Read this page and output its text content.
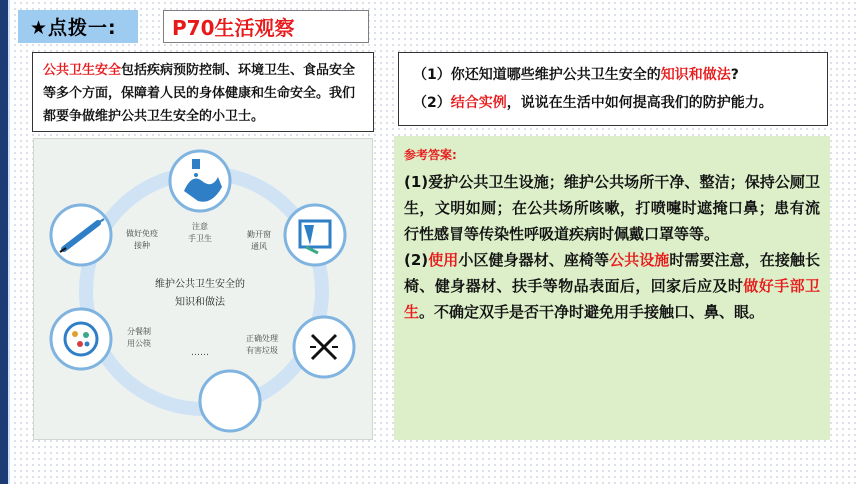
★点拨一:	P70生活观察
公共卫生安全包括疾病预防控制、环境卫生、食品安全等多个方面，保障着人民的身体健康和生命安全。我们都要争做维护公共卫生安全的小卫士。
维护公共卫生安全的
知识和做法
注意
手卫生	勤开窗
通风
正确处理
有害垃圾
……
分餐制
用公筷
做好免疫
接种
（1）你还知道哪些维护公共卫生安全的知识和做法?
（2）结合实例，说说在生活中如何提高我们的防护能力。
参考答案:
(1)爱护公共卫生设施；维护公共场所干净、整洁；保持公厕卫生，文明如厕；在公共场所咳嗽，打喷嚏时遮掩口鼻；患有流行性感冒等传染性呼吸道疾病时佩戴口罩等等。
(2)使用小区健身器材、座椅等公共设施时需要注意，在接触长椅、健身器材、扶手等物品表面后，回家后应及时做好手部卫生。不确定双手是否干净时避免用手接触口、鼻、眼。
